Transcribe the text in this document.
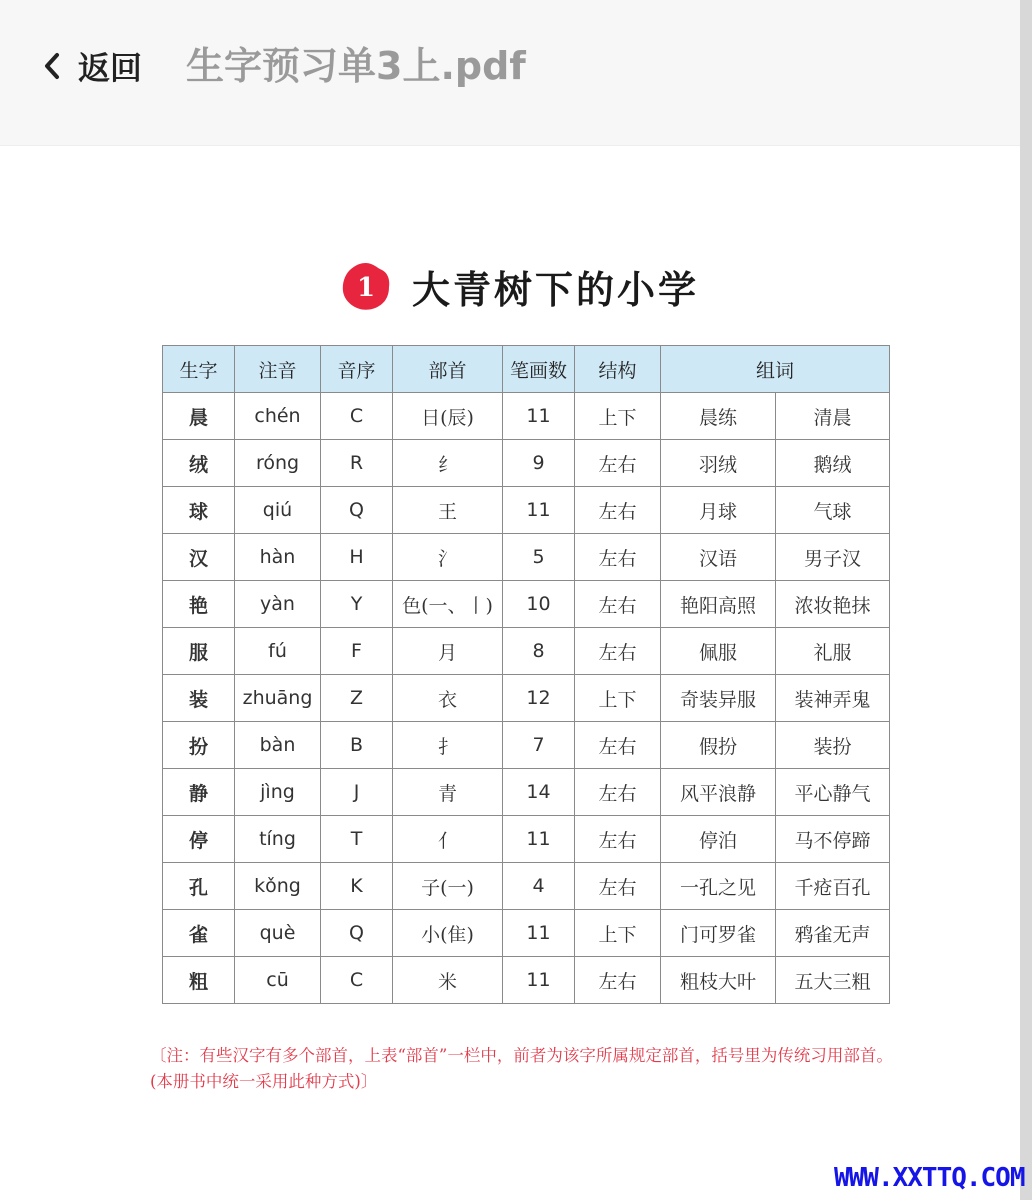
返回 生字预习单3上.pdf
1 大青树下的小学
生字	注音	音序	部首	笔画数	结构	组词	
晨	chén	C	日(辰)	11	上下	晨练	清晨
绒	róng	R	纟	9	左右	羽绒	鹅绒
球	qiú	Q	王	11	左右	月球	气球
汉	hàn	H	氵	5	左右	汉语	男子汉
艳	yàn	Y	色(一、丨)	10	左右	艳阳高照	浓妆艳抹
服	fú	F	月	8	左右	佩服	礼服
装	zhuāng	Z	衣	12	上下	奇装异服	装神弄鬼
扮	bàn	B	扌	7	左右	假扮	装扮
静	jìng	J	青	14	左右	风平浪静	平心静气
停	tíng	T	亻	11	左右	停泊	马不停蹄
孔	kǒng	K	子(一)	4	左右	一孔之见	千疮百孔
雀	què	Q	小(隹)	11	上下	门可罗雀	鸦雀无声
粗	cū	C	米	11	左右	粗枝大叶	五大三粗
〔注：有些汉字有多个部首，上表“部首”一栏中，前者为该字所属规定部首，括号里为传统习用部首。(本册书中统一采用此种方式)〕
WWW.XXTTQ.COM
